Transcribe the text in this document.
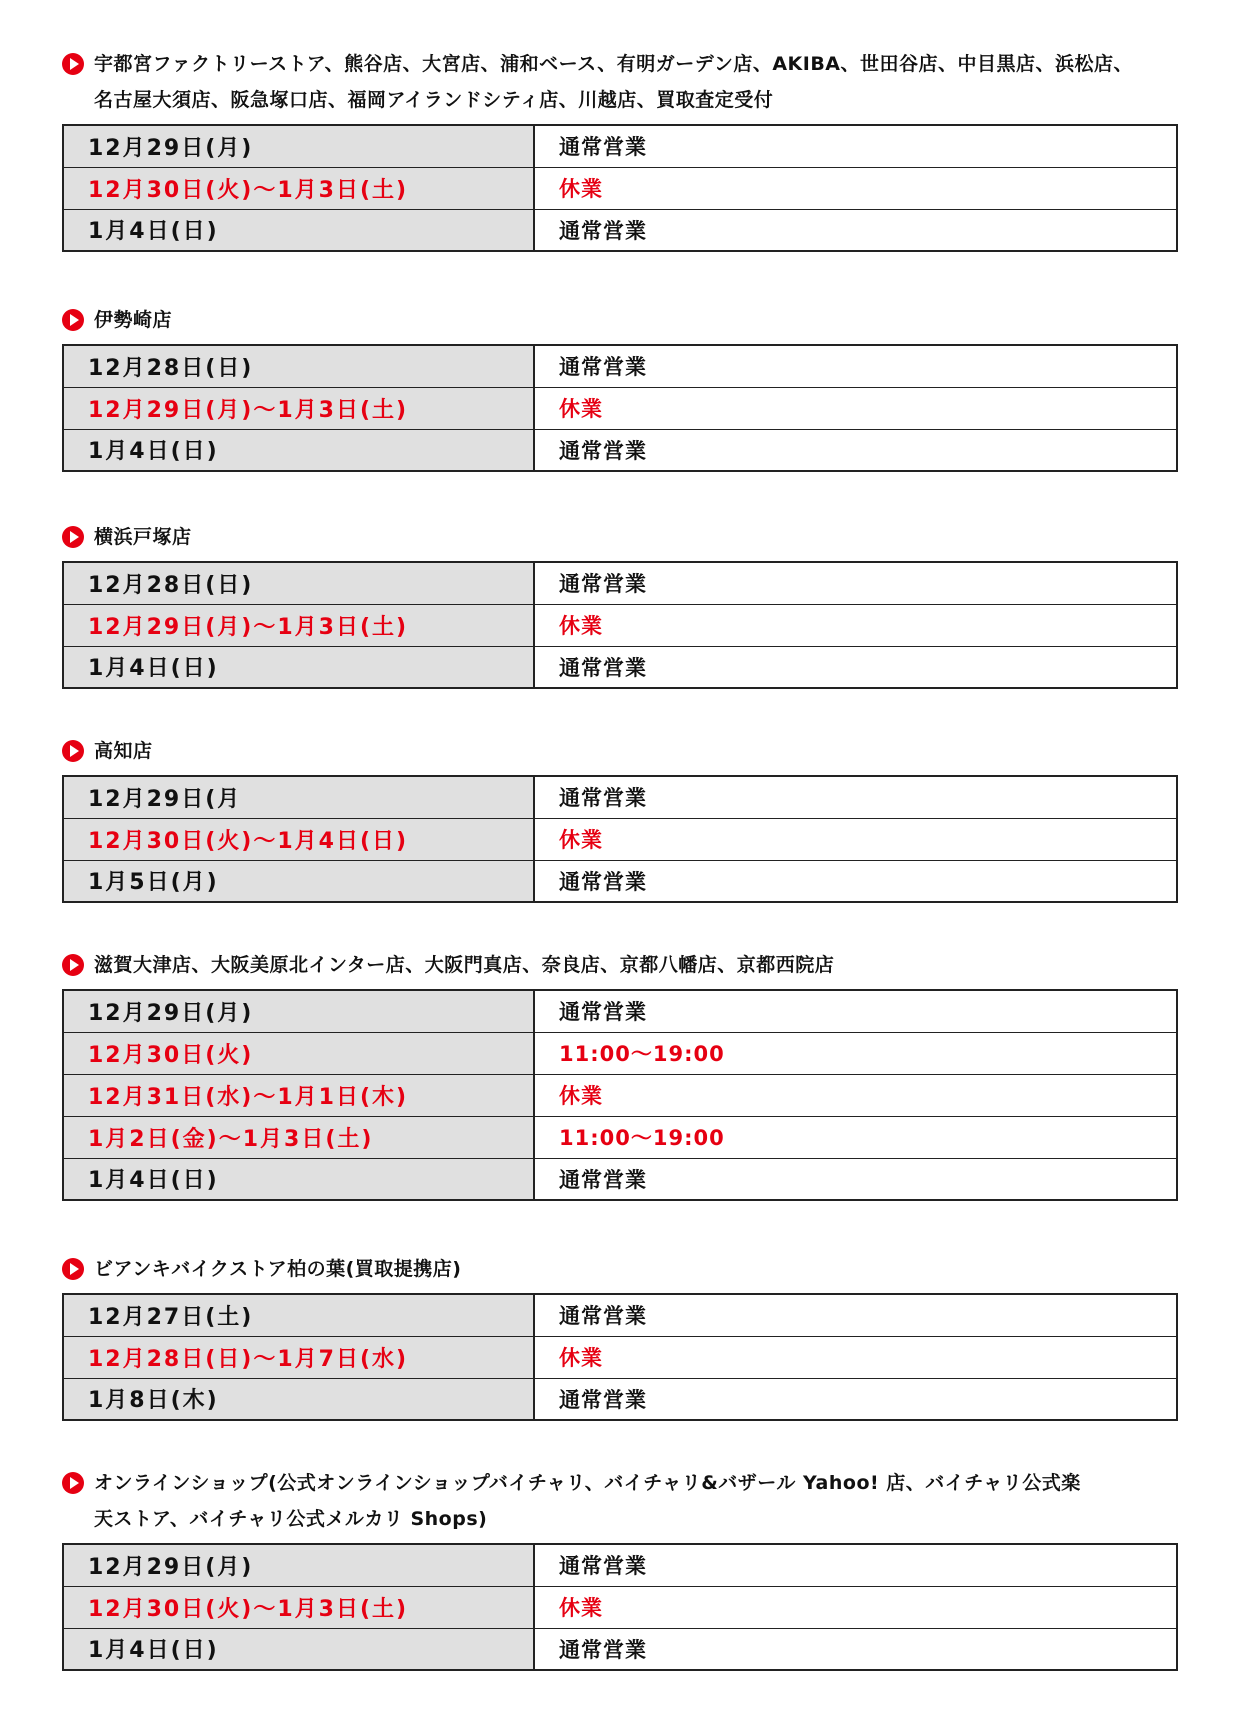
宇都宮ファクトリーストア、熊谷店、大宮店、浦和ベース、有明ガーデン店、AKIBA、世田谷店、中目黒店、浜松店、
名古屋大須店、阪急塚口店、福岡アイランドシティ店、川越店、買取査定受付
12月29日(月)	通常営業
12月30日(火)〜1月3日(土)	休業
1月4日(日)	通常営業
伊勢崎店
12月28日(日)	通常営業
12月29日(月)〜1月3日(土)	休業
1月4日(日)	通常営業
横浜戸塚店
12月28日(日)	通常営業
12月29日(月)〜1月3日(土)	休業
1月4日(日)	通常営業
高知店
12月29日(月	通常営業
12月30日(火)〜1月4日(日)	休業
1月5日(月)	通常営業
滋賀大津店、大阪美原北インター店、大阪門真店、奈良店、京都八幡店、京都西院店
12月29日(月)	通常営業
12月30日(火)	11:00〜19:00
12月31日(水)〜1月1日(木)	休業
1月2日(金)〜1月3日(土)	11:00〜19:00
1月4日(日)	通常営業
ビアンキバイクストア柏の葉(買取提携店)
12月27日(土)	通常営業
12月28日(日)〜1月7日(水)	休業
1月8日(木)	通常営業
オンラインショップ(公式オンラインショップバイチャリ、バイチャリ&バザール Yahoo! 店、バイチャリ公式楽
天ストア、バイチャリ公式メルカリ Shops)
12月29日(月)	通常営業
12月30日(火)〜1月3日(土)	休業
1月4日(日)	通常営業
